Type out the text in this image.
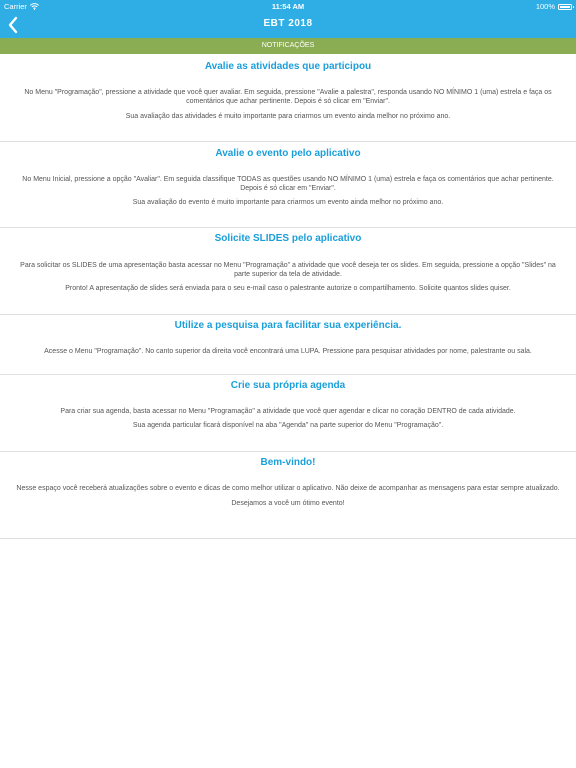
Carrier	11:54 AM	100%
EBT 2018
NOTIFICAÇÕES
Avalie as atividades que participou
No Menu "Programação", pressione a atividade que você quer avaliar. Em seguida, pressione "Avalie a palestra", responda usando NO MÍNIMO 1 (uma) estrela e faça os comentários que achar pertinente. Depois é só clicar em "Enviar".
Sua avaliação das atividades é muito importante para criarmos um evento ainda melhor no próximo ano.
Avalie o evento pelo aplicativo
No Menu Inicial, pressione a opção "Avaliar". Em seguida classifique TODAS as questões usando NO MÍNIMO 1 (uma) estrela e faça os comentários que achar pertinente. Depois é só clicar em "Enviar".
Sua avaliação do evento é muito importante para criarmos um evento ainda melhor no próximo ano.
Solicite SLIDES pelo aplicativo
Para solicitar os SLIDES de uma apresentação basta acessar no Menu "Programação" a atividade que você deseja ter os slides. Em seguida, pressione a opção "Slides" na parte superior da tela de atividade.
Pronto! A apresentação de slides será enviada para o seu e-mail caso o palestrante autorize o compartilhamento. Solicite quantos slides quiser.
Utilize a pesquisa para facilitar sua experiência.
Acesse o Menu "Programação". No canto superior da direita você encontrará uma LUPA. Pressione para pesquisar atividades por nome, palestrante ou sala.
Crie sua própria agenda
Para criar sua agenda, basta acessar no Menu "Programação" a atividade que você quer agendar e clicar no coração DENTRO de cada atividade.
Sua agenda particular ficará disponível na aba "Agenda" na parte superior do Menu "Programação".
Bem-vindo!
Nesse espaço você receberá atualizações sobre o evento e dicas de como melhor utilizar o aplicativo. Não deixe de acompanhar as mensagens para estar sempre atualizado.
Desejamos a você um ótimo evento!
